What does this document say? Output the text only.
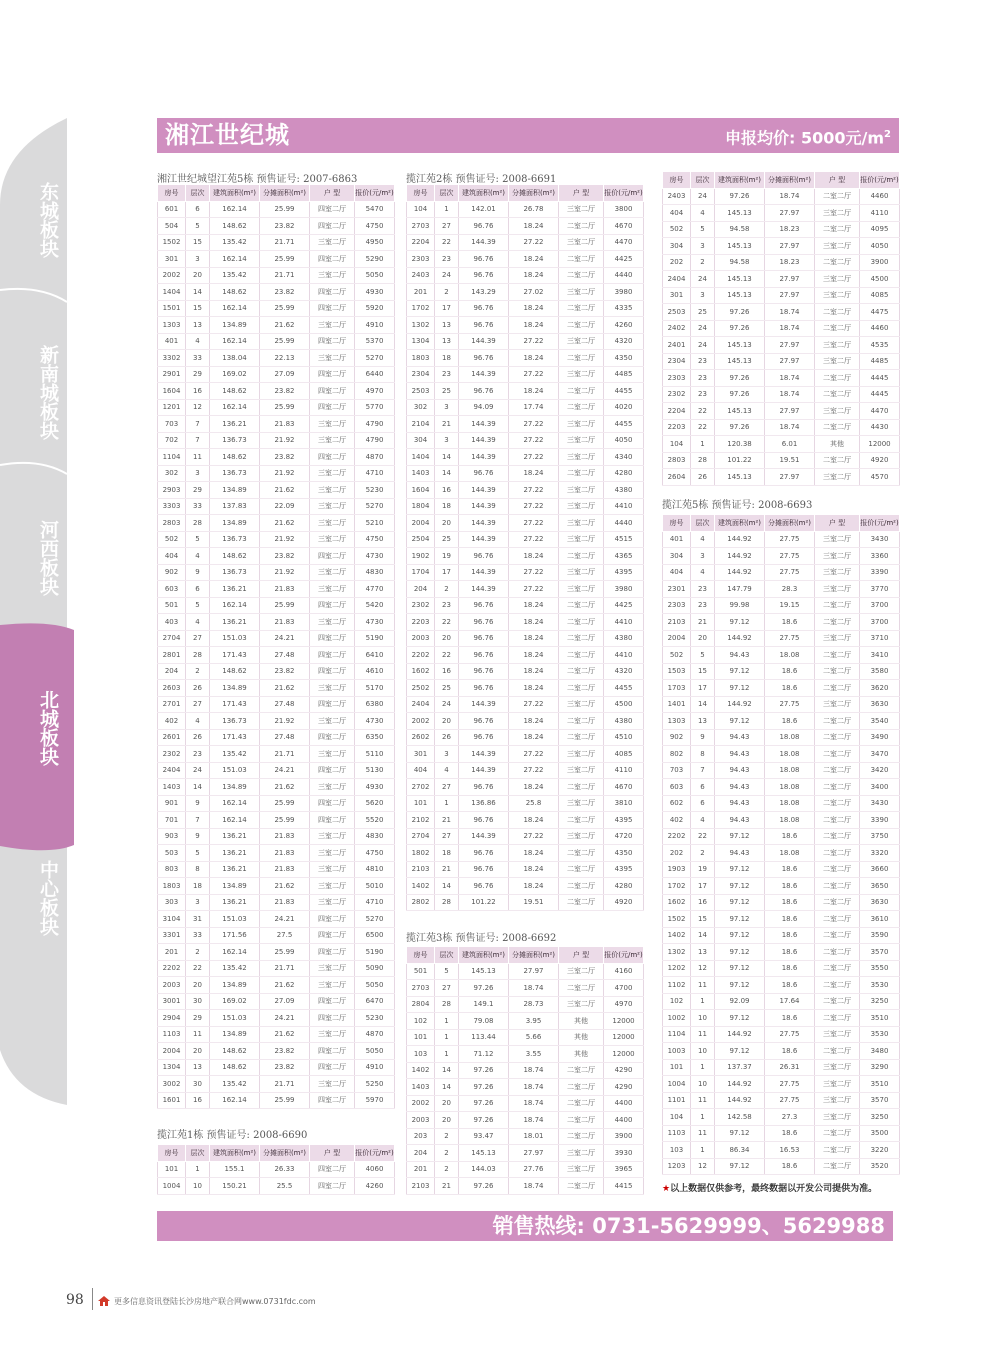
东城板块
新南城板块
河西板块
北城板块
中心板块
湘江世纪城	申报均价: 5000元$/m^2$
湘江世纪城望江苑5栋 预售证号: 2007-6863
房号	层次	建筑面积(m²)	分摊面积(m²)	户 型	报价(元/m²)
601	6	162.14	25.99	四室二厅	5470
504	5	148.62	23.82	四室二厅	4750
1502	15	135.42	21.71	三室二厅	4950
301	3	162.14	25.99	四室二厅	5290
2002	20	135.42	21.71	三室二厅	5050
1404	14	148.62	23.82	四室二厅	4930
1501	15	162.14	25.99	四室二厅	5920
1303	13	134.89	21.62	三室二厅	4910
401	4	162.14	25.99	四室二厅	5370
3302	33	138.04	22.13	三室二厅	5270
2901	29	169.02	27.09	四室二厅	6440
1604	16	148.62	23.82	四室二厅	4970
1201	12	162.14	25.99	四室二厅	5770
703	7	136.21	21.83	三室二厅	4790
702	7	136.73	21.92	三室二厅	4790
1104	11	148.62	23.82	四室二厅	4870
302	3	136.73	21.92	三室二厅	4710
2903	29	134.89	21.62	三室二厅	5230
3303	33	137.83	22.09	三室二厅	5270
2803	28	134.89	21.62	三室二厅	5210
502	5	136.73	21.92	三室二厅	4750
404	4	148.62	23.82	四室二厅	4730
902	9	136.73	21.92	三室二厅	4830
603	6	136.21	21.83	三室二厅	4770
501	5	162.14	25.99	四室二厅	5420
403	4	136.21	21.83	三室二厅	4730
2704	27	151.03	24.21	四室二厅	5190
2801	28	171.43	27.48	四室二厅	6410
204	2	148.62	23.82	四室二厅	4610
2603	26	134.89	21.62	三室二厅	5170
2701	27	171.43	27.48	四室二厅	6380
402	4	136.73	21.92	三室二厅	4730
2601	26	171.43	27.48	四室二厅	6350
2302	23	135.42	21.71	三室二厅	5110
2404	24	151.03	24.21	四室二厅	5130
1403	14	134.89	21.62	三室二厅	4930
901	9	162.14	25.99	四室二厅	5620
701	7	162.14	25.99	四室二厅	5520
903	9	136.21	21.83	三室二厅	4830
503	5	136.21	21.83	三室二厅	4750
803	8	136.21	21.83	三室二厅	4810
1803	18	134.89	21.62	三室二厅	5010
303	3	136.21	21.83	三室二厅	4710
3104	31	151.03	24.21	四室二厅	5270
3301	33	171.56	27.5	四室二厅	6500
201	2	162.14	25.99	四室二厅	5190
2202	22	135.42	21.71	三室二厅	5090
2003	20	134.89	21.62	三室二厅	5050
3001	30	169.02	27.09	四室二厅	6470
2904	29	151.03	24.21	四室二厅	5230
1103	11	134.89	21.62	三室二厅	4870
2004	20	148.62	23.82	四室二厅	5050
1304	13	148.62	23.82	四室二厅	4910
3002	30	135.42	21.71	三室二厅	5250
1601	16	162.14	25.99	四室二厅	5970
揽江苑1栋 预售证号: 2008-6690
房号	层次	建筑面积(m²)	分摊面积(m²)	户 型	报价(元/m²)
101	1	155.1	26.33	四室二厅	4060
1004	10	150.21	25.5	四室二厅	4260
揽江苑2栋 预售证号: 2008-6691
房号	层次	建筑面积(m²)	分摊面积(m²)	户 型	报价(元/m²)
104	1	142.01	26.78	三室二厅	3800
2703	27	96.76	18.24	二室二厅	4670
2204	22	144.39	27.22	三室二厅	4470
2303	23	96.76	18.24	二室二厅	4425
2403	24	96.76	18.24	二室二厅	4440
201	2	143.29	27.02	三室二厅	3980
1702	17	96.76	18.24	二室二厅	4335
1302	13	96.76	18.24	二室二厅	4260
1304	13	144.39	27.22	三室二厅	4320
1803	18	96.76	18.24	二室二厅	4350
2304	23	144.39	27.22	三室二厅	4485
2503	25	96.76	18.24	二室二厅	4455
302	3	94.09	17.74	二室二厅	4020
2104	21	144.39	27.22	三室二厅	4455
304	3	144.39	27.22	三室二厅	4050
1404	14	144.39	27.22	三室二厅	4340
1403	14	96.76	18.24	二室二厅	4280
1604	16	144.39	27.22	三室二厅	4380
1804	18	144.39	27.22	三室二厅	4410
2004	20	144.39	27.22	三室二厅	4440
2504	25	144.39	27.22	三室二厅	4515
1902	19	96.76	18.24	二室二厅	4365
1704	17	144.39	27.22	三室二厅	4395
204	2	144.39	27.22	三室二厅	3980
2302	23	96.76	18.24	二室二厅	4425
2203	22	96.76	18.24	二室二厅	4410
2003	20	96.76	18.24	二室二厅	4380
2202	22	96.76	18.24	二室二厅	4410
1602	16	96.76	18.24	二室二厅	4320
2502	25	96.76	18.24	二室二厅	4455
2404	24	144.39	27.22	三室二厅	4500
2002	20	96.76	18.24	二室二厅	4380
2602	26	96.76	18.24	二室二厅	4510
301	3	144.39	27.22	三室二厅	4085
404	4	144.39	27.22	三室二厅	4110
2702	27	96.76	18.24	二室二厅	4670
101	1	136.86	25.8	三室二厅	3810
2102	21	96.76	18.24	二室二厅	4395
2704	27	144.39	27.22	三室二厅	4720
1802	18	96.76	18.24	二室二厅	4350
2103	21	96.76	18.24	二室二厅	4395
1402	14	96.76	18.24	二室二厅	4280
2802	28	101.22	19.51	二室二厅	4920
揽江苑3栋 预售证号: 2008-6692
房号	层次	建筑面积(m²)	分摊面积(m²)	户 型	报价(元/m²)
501	5	145.13	27.97	三室二厅	4160
2703	27	97.26	18.74	二室二厅	4700
2804	28	149.1	28.73	三室二厅	4970
102	1	79.08	3.95	其他	12000
101	1	113.44	5.66	其他	12000
103	1	71.12	3.55	其他	12000
1402	14	97.26	18.74	二室二厅	4290
1403	14	97.26	18.74	二室二厅	4290
2002	20	97.26	18.74	二室二厅	4400
2003	20	97.26	18.74	二室二厅	4400
203	2	93.47	18.01	二室二厅	3900
204	2	145.13	27.97	三室二厅	3930
201	2	144.03	27.76	三室二厅	3965
2103	21	97.26	18.74	二室二厅	4415
房号	层次	建筑面积(m²)	分摊面积(m²)	户 型	报价(元/m²)
2403	24	97.26	18.74	二室二厅	4460
404	4	145.13	27.97	三室二厅	4110
502	5	94.58	18.23	二室二厅	4095
304	3	145.13	27.97	三室二厅	4050
202	2	94.58	18.23	二室二厅	3900
2404	24	145.13	27.97	三室二厅	4500
301	3	145.13	27.97	三室二厅	4085
2503	25	97.26	18.74	二室二厅	4475
2402	24	97.26	18.74	二室二厅	4460
2401	24	145.13	27.97	三室二厅	4535
2304	23	145.13	27.97	三室二厅	4485
2303	23	97.26	18.74	二室二厅	4445
2302	23	97.26	18.74	二室二厅	4445
2204	22	145.13	27.97	三室二厅	4470
2203	22	97.26	18.74	二室二厅	4430
104	1	120.38	6.01	其他	12000
2803	28	101.22	19.51	二室二厅	4920
2604	26	145.13	27.97	三室二厅	4570
揽江苑5栋 预售证号: 2008-6693
房号	层次	建筑面积(m²)	分摊面积(m²)	户 型	报价(元/m²)
401	4	144.92	27.75	三室二厅	3430
304	3	144.92	27.75	三室二厅	3360
404	4	144.92	27.75	三室二厅	3390
2301	23	147.79	28.3	三室二厅	3770
2303	23	99.98	19.15	二室二厅	3700
2103	21	97.12	18.6	二室二厅	3700
2004	20	144.92	27.75	三室二厅	3710
502	5	94.43	18.08	二室二厅	3410
1503	15	97.12	18.6	二室二厅	3580
1703	17	97.12	18.6	二室二厅	3620
1401	14	144.92	27.75	三室二厅	3630
1303	13	97.12	18.6	二室二厅	3540
902	9	94.43	18.08	二室二厅	3490
802	8	94.43	18.08	二室二厅	3470
703	7	94.43	18.08	二室二厅	3420
603	6	94.43	18.08	二室二厅	3400
602	6	94.43	18.08	二室二厅	3430
402	4	94.43	18.08	二室二厅	3390
2202	22	97.12	18.6	二室二厅	3750
202	2	94.43	18.08	二室二厅	3320
1903	19	97.12	18.6	二室二厅	3660
1702	17	97.12	18.6	二室二厅	3650
1602	16	97.12	18.6	二室二厅	3630
1502	15	97.12	18.6	二室二厅	3610
1402	14	97.12	18.6	二室二厅	3590
1302	13	97.12	18.6	二室二厅	3570
1202	12	97.12	18.6	二室二厅	3550
1102	11	97.12	18.6	二室二厅	3530
102	1	92.09	17.64	二室二厅	3250
1002	10	97.12	18.6	二室二厅	3510
1104	11	144.92	27.75	三室二厅	3530
1003	10	97.12	18.6	二室二厅	3480
101	1	137.37	26.31	三室二厅	3290
1004	10	144.92	27.75	三室二厅	3510
1101	11	144.92	27.75	三室二厅	3570
104	1	142.58	27.3	三室二厅	3250
1103	11	97.12	18.6	二室二厅	3500
103	1	86.34	16.53	二室二厅	3220
1203	12	97.12	18.6	二室二厅	3520
★以上数据仅供参考，最终数据以开发公司提供为准。
销售热线: 0731-5629999、5629988
98	更多信息资讯登陆长沙房地产联合网www.0731fdc.com
